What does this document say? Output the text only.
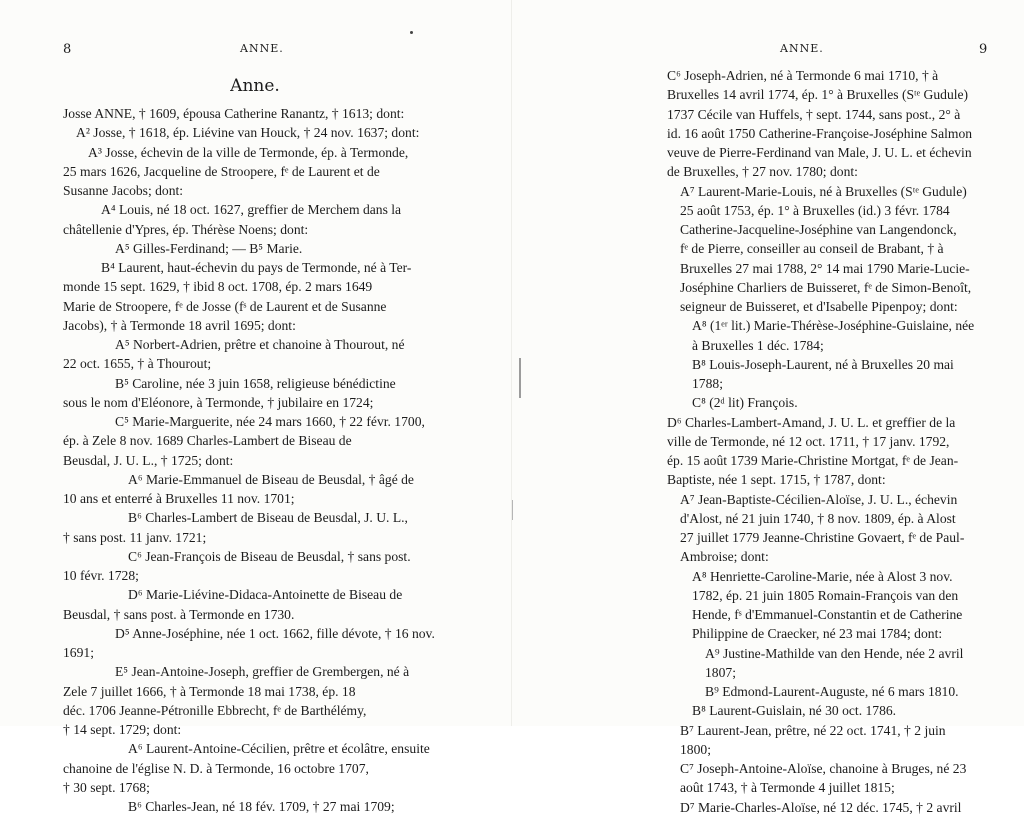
8	ANNE.
Anne.
Josse ANNE, † 1609, épousa Catherine Ranantz, † 1613; dont:
A² Josse, † 1618, ép. Liévine van Houck, † 24 nov. 1637; dont:
A³ Josse, échevin de la ville de Termonde, ép. à Termonde,
25 mars 1626, Jacqueline de Stroopere, fᵉ de Laurent et de
Susanne Jacobs; dont:
A⁴ Louis, né 18 oct. 1627, greffier de Merchem dans la
châtellenie d'Ypres, ép. Thérèse Noens; dont:
A⁵ Gilles-Ferdinand; — B⁵ Marie.
B⁴ Laurent, haut-échevin du pays de Termonde, né à Ter-
monde 15 sept. 1629, † ibid 8 oct. 1708, ép. 2 mars 1649
Marie de Stroopere, fᵉ de Josse (fˢ de Laurent et de Susanne
Jacobs), † à Termonde 18 avril 1695; dont:
A⁵ Norbert-Adrien, prêtre et chanoine à Thourout, né
22 oct. 1655, † à Thourout;
B⁵ Caroline, née 3 juin 1658, religieuse bénédictine
sous le nom d'Eléonore, à Termonde, † jubilaire en 1724;
C⁵ Marie-Marguerite, née 24 mars 1660, † 22 févr. 1700,
ép. à Zele 8 nov. 1689 Charles-Lambert de Biseau de
Beusdal, J. U. L., † 1725; dont:
A⁶ Marie-Emmanuel de Biseau de Beusdal, † âgé de
10 ans et enterré à Bruxelles 11 nov. 1701;
B⁶ Charles-Lambert de Biseau de Beusdal, J. U. L.,
† sans post. 11 janv. 1721;
C⁶ Jean-François de Biseau de Beusdal, † sans post.
10 févr. 1728;
D⁶ Marie-Liévine-Didaca-Antoinette de Biseau de
Beusdal, † sans post. à Termonde en 1730.
D⁵ Anne-Joséphine, née 1 oct. 1662, fille dévote, † 16 nov.
1691;
E⁵ Jean-Antoine-Joseph, greffier de Grembergen, né à
Zele 7 juillet 1666, † à Termonde 18 mai 1738, ép. 18
déc. 1706 Jeanne-Pétronille Ebbrecht, fᵉ de Barthélémy,
† 14 sept. 1729; dont:
A⁶ Laurent-Antoine-Cécilien, prêtre et écolâtre, ensuite
chanoine de l'église N. D. à Termonde, 16 octobre 1707,
† 30 sept. 1768;
B⁶ Charles-Jean, né 18 fév. 1709, † 27 mai 1709;
ANNE.	9
C⁶ Joseph-Adrien, né à Termonde 6 mai 1710, † à
Bruxelles 14 avril 1774, ép. 1° à Bruxelles (Sᵗᵉ Gudule)
1737 Cécile van Huffels, † sept. 1744, sans post., 2° à
id. 16 août 1750 Catherine-Françoise-Joséphine Salmon
veuve de Pierre-Ferdinand van Male, J. U. L. et échevin
de Bruxelles, † 27 nov. 1780; dont:
A⁷ Laurent-Marie-Louis, né à Bruxelles (Sᵗᵉ Gudule)
25 août 1753, ép. 1° à Bruxelles (id.) 3 févr. 1784
Catherine-Jacqueline-Joséphine van Langendonck,
fᵉ de Pierre, conseiller au conseil de Brabant, † à
Bruxelles 27 mai 1788, 2° 14 mai 1790 Marie-Lucie-
Joséphine Charliers de Buisseret, fᵉ de Simon-Benoît,
seigneur de Buisseret, et d'Isabelle Pipenpoy; dont:
A⁸ (1ᵉʳ lit.) Marie-Thérèse-Joséphine-Guislaine, née
à Bruxelles 1 déc. 1784;
B⁸ Louis-Joseph-Laurent, né à Bruxelles 20 mai
1788;
C⁸ (2ᵈ lit) François.
D⁶ Charles-Lambert-Amand, J. U. L. et greffier de la
ville de Termonde, né 12 oct. 1711, † 17 janv. 1792,
ép. 15 août 1739 Marie-Christine Mortgat, fᵉ de Jean-
Baptiste, née 1 sept. 1715, † 1787, dont:
A⁷ Jean-Baptiste-Cécilien-Aloïse, J. U. L., échevin
d'Alost, né 21 juin 1740, † 8 nov. 1809, ép. à Alost
27 juillet 1779 Jeanne-Christine Govaert, fᵉ de Paul-
Ambroise; dont:
A⁸ Henriette-Caroline-Marie, née à Alost 3 nov.
1782, ép. 21 juin 1805 Romain-François van den
Hende, fˢ d'Emmanuel-Constantin et de Catherine
Philippine de Craecker, né 23 mai 1784; dont:
A⁹ Justine-Mathilde van den Hende, née 2 avril
1807;
B⁹ Edmond-Laurent-Auguste, né 6 mars 1810.
B⁸ Laurent-Guislain, né 30 oct. 1786.
B⁷ Laurent-Jean, prêtre, né 22 oct. 1741, † 2 juin
1800;
C⁷ Joseph-Antoine-Aloïse, chanoine à Bruges, né 23
août 1743, † à Termonde 4 juillet 1815;
D⁷ Marie-Charles-Aloïse, né 12 déc. 1745, † 2 avril
